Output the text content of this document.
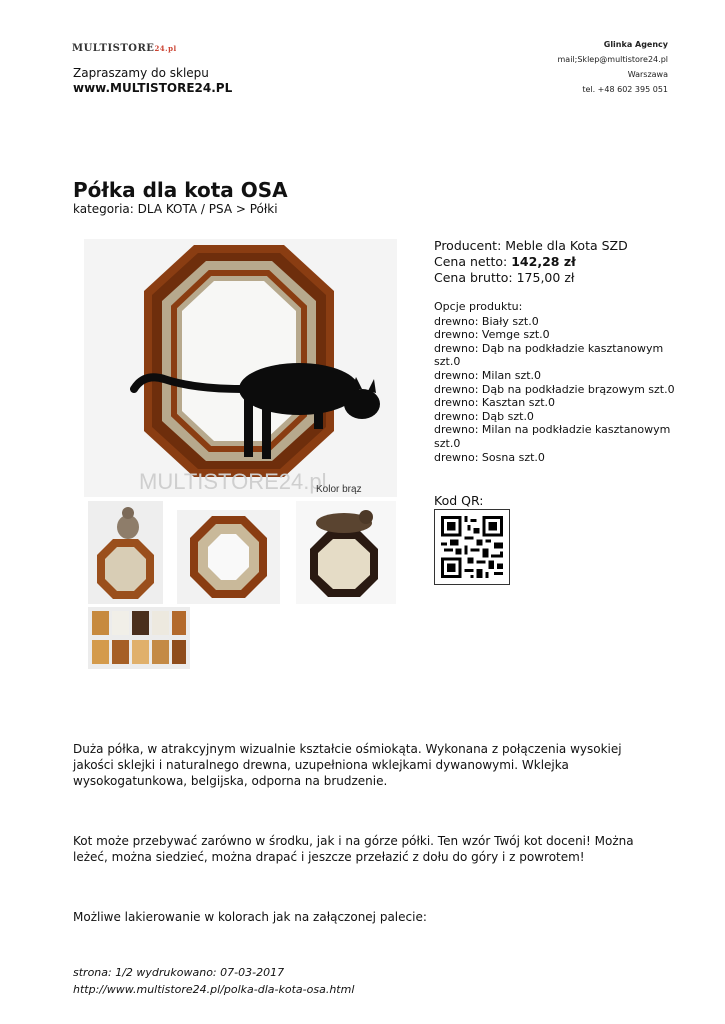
MULTISTORE24.pl
Zapraszamy do sklepu
www.MULTISTORE24.PL
Glinka Agency
mail;Sklep@multistore24.pl
Warszawa
tel. +48 602 395 051
Półka dla kota OSA
kategoria: DLA KOTA / PSA > Półki
MULTISTORE24.pl
Kolor brąz
Producent: Meble dla Kota SZD
Cena netto: 142,28 zł
Cena brutto: 175,00 zł
Opcje produktu:
drewno: Biały szt.0
drewno: Vemge szt.0
drewno: Dąb na podkładzie kasztanowym szt.0
drewno: Milan szt.0
drewno: Dąb na podkładzie brązowym szt.0
drewno: Kasztan szt.0
drewno: Dąb szt.0
drewno: Milan na podkładzie kasztanowym szt.0
drewno: Sosna szt.0
Kod QR:

Duża półka, w atrakcyjnym wizualnie kształcie ośmiokąta. Wykonana z połączenia wysokiej jakości sklejki i naturalnego drewna, uzupełniona wklejkami dywanowymi. Wklejka wysokogatunkowa, belgijska, odporna na brudzenie.

Kot może przebywać zarówno w środku, jak i na górze półki. Ten wzór Twój kot doceni! Można leżeć, można siedzieć, można drapać i jeszcze przełazić z dołu do góry i z powrotem!

Możliwe lakierowanie w kolorach jak na załączonej palecie:

strona: 1/2 wydrukowano: 07-03-2017
http://www.multistore24.pl/polka-dla-kota-osa.html
